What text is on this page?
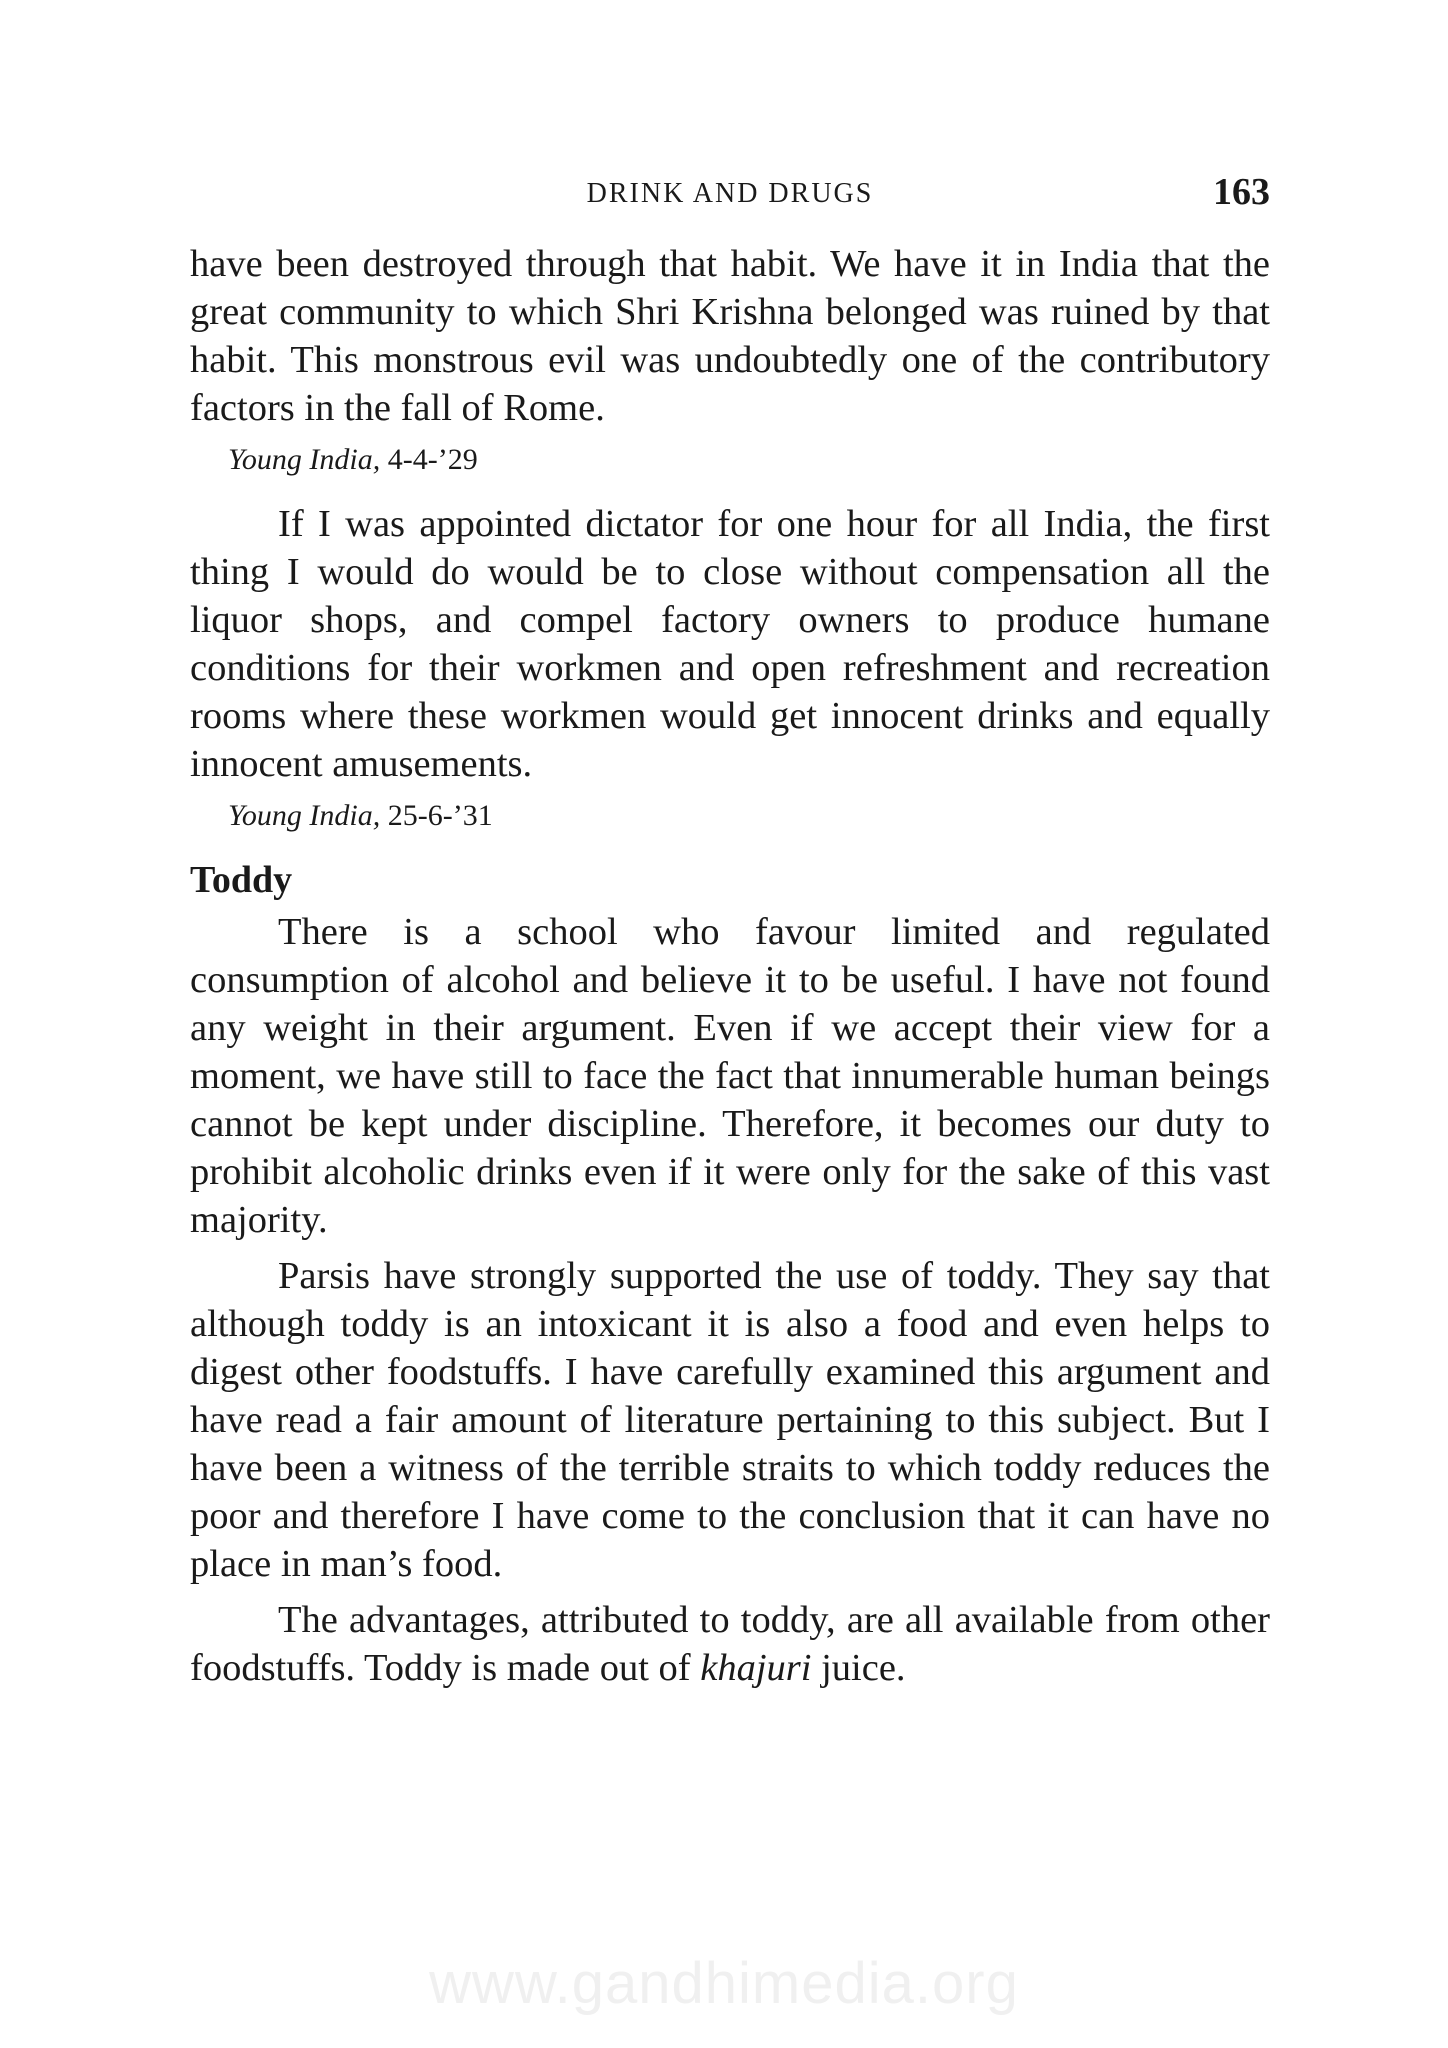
DRINK AND DRUGS	163

have been destroyed through that habit. We have it in India that the great community to which Shri Krishna belonged was ruined by that habit. This monstrous evil was undoubtedly one of the contributory factors in the fall of Rome.

Young India, 4-4-’29

If I was appointed dictator for one hour for all India, the first thing I would do would be to close without compensation all the liquor shops, and compel factory owners to produce humane conditions for their workmen and open refreshment and recreation rooms where these workmen would get innocent drinks and equally innocent amusements.

Young India, 25-6-’31
Toddy

There is a school who favour limited and regulated consumption of alcohol and believe it to be useful. I have not found any weight in their argument. Even if we accept their view for a moment, we have still to face the fact that innumerable human beings cannot be kept under discipline. Therefore, it becomes our duty to prohibit alcoholic drinks even if it were only for the sake of this vast majority.

Parsis have strongly supported the use of toddy. They say that although toddy is an intoxicant it is also a food and even helps to digest other foodstuffs. I have carefully examined this argument and have read a fair amount of literature pertaining to this subject. But I have been a witness of the terrible straits to which toddy reduces the poor and therefore I have come to the conclusion that it can have no place in man’s food.

The advantages, attributed to toddy, are all available from other foodstuffs. Toddy is made out of khajuri juice.

www.gandhimedia.org
